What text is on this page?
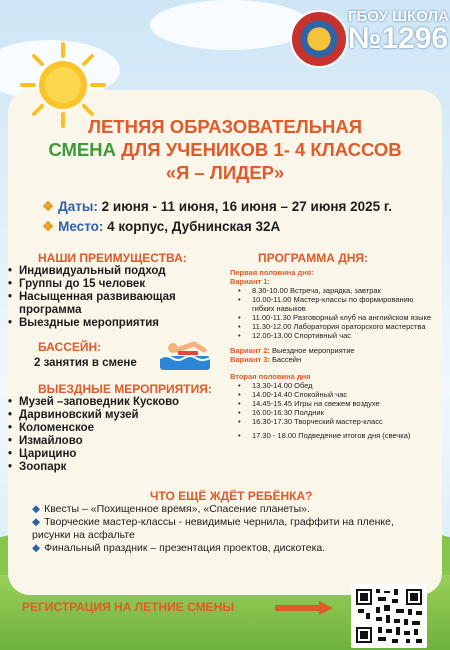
ГБОУ ШКОЛА
№1296
ЛЕТНЯЯ ОБРАЗОВАТЕЛЬНАЯ
СМЕНА ДЛЯ УЧЕНИКОВ 1- 4 КЛАССОВ
«Я – ЛИДЕР»
❖ Даты: 2 июня - 11 июня, 16 июня – 27 июня 2025 г.
❖ Место: 4 корпус, Дубнинская 32А
НАШИ ПРЕИМУЩЕСТВА:
• Индивидуальный подход
• Группы до 15 человек
• Насыщенная развивающая программа
• Выездные мероприятия
БАССЕЙН:
2 занятия в смене
ВЫЕЗДНЫЕ МЕРОПРИЯТИЯ:
• Музей –заповедник Кусково
• Дарвиновский музей
• Коломенское
• Измайлово
• Царицино
• Зоопарк
ПРОГРАММА ДНЯ:
Первая половина дня:
Вариант 1:
• 8.30-10.00 Встреча, зарядка, завтрак
• 10.00-11.00 Мастер-классы по формированию гибких навыков
• 11.00-11.30 Разговорный клуб на английском языке
• 11.30-12.00 Лаборатория ораторского мастерства
• 12.00-13.00 Спортивный час
Вариант 2: Выездное мероприятие
Вариант 3: Бассейн
Вторая половина дня
• 13.30-14.00 Обед
• 14.00-14.40 Спокойный час
• 14.45-15.45 Игры на свежем воздухе
• 16.00-16.30 Полдник
• 16.30-17.30 Творческий мастер-класс
• 17.30 - 18.00 Подведение итогов дня (свечка)
ЧТО ЕЩЁ ЖДЁТ РЕБЁНКА?
◆ Квесты – «Похищенное время», «Спасение планеты».
◆ Творческие мастер-классы - невидимые чернила, граффити на пленке, рисунки на асфальте
◆ Финальный праздник – презентация проектов, дискотека.
РЕГИСТРАЦИЯ НА ЛЕТНИЕ СМЕНЫ
